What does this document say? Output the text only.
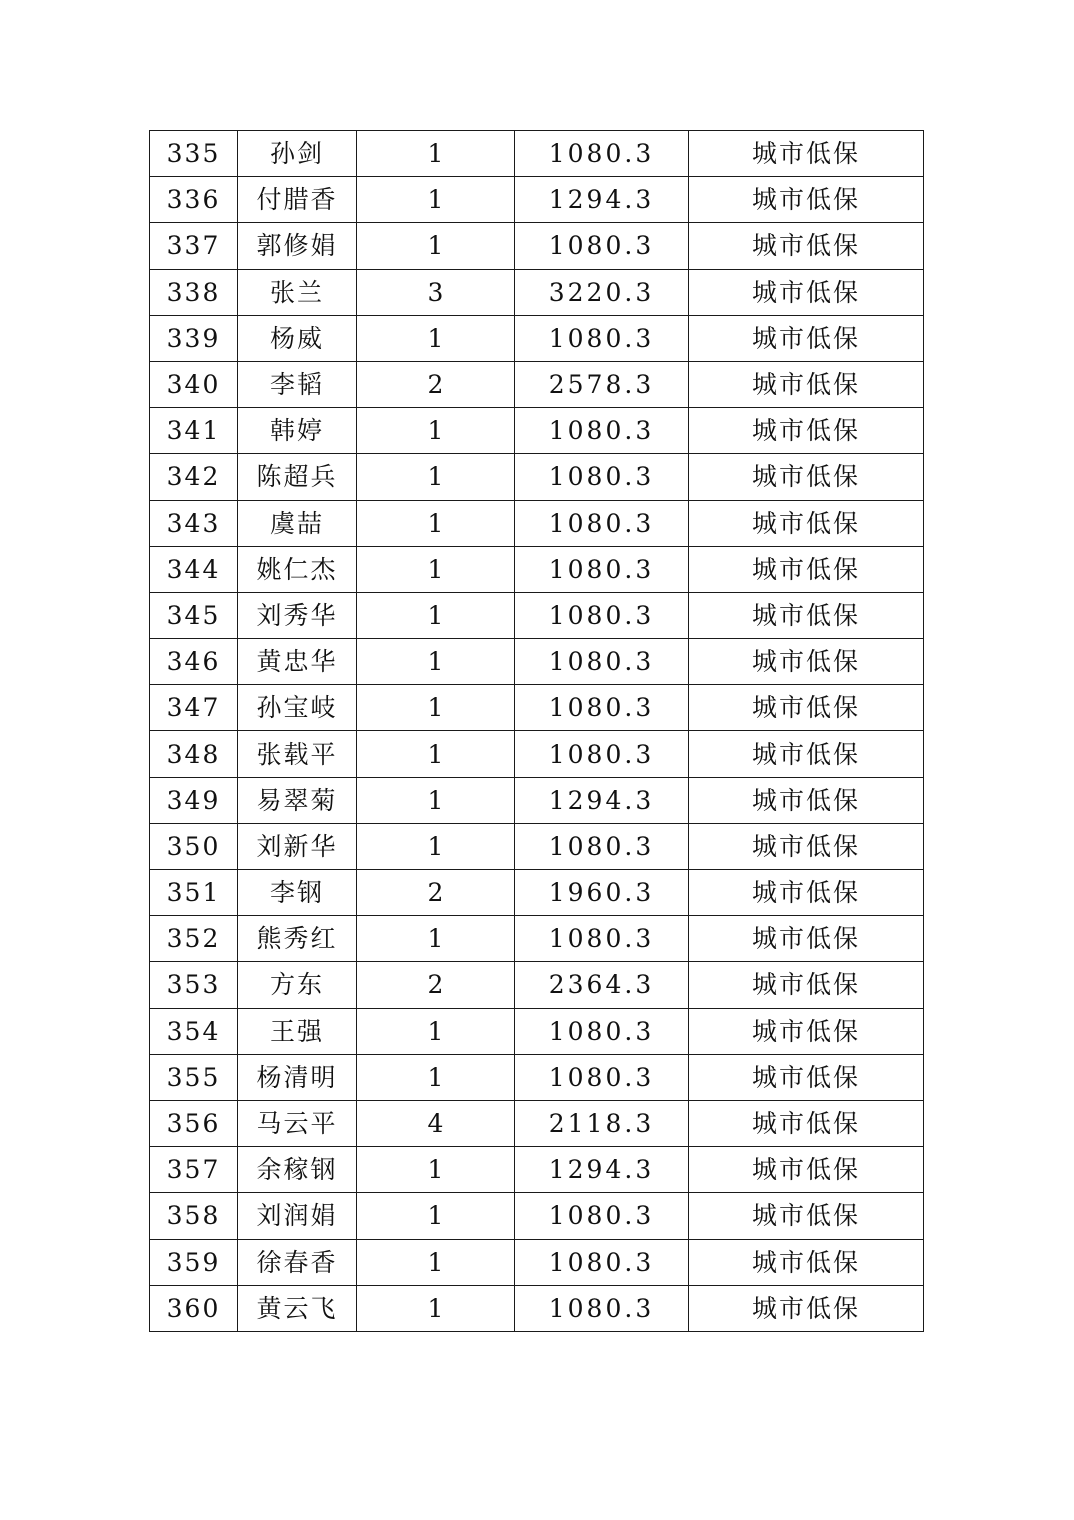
335	孙剑	1	1080.3	城市低保
336	付腊香	1	1294.3	城市低保
337	郭修娟	1	1080.3	城市低保
338	张兰	3	3220.3	城市低保
339	杨威	1	1080.3	城市低保
340	李韬	2	2578.3	城市低保
341	韩婷	1	1080.3	城市低保
342	陈超兵	1	1080.3	城市低保
343	虞喆	1	1080.3	城市低保
344	姚仁杰	1	1080.3	城市低保
345	刘秀华	1	1080.3	城市低保
346	黄忠华	1	1080.3	城市低保
347	孙宝岐	1	1080.3	城市低保
348	张载平	1	1080.3	城市低保
349	易翠菊	1	1294.3	城市低保
350	刘新华	1	1080.3	城市低保
351	李钢	2	1960.3	城市低保
352	熊秀红	1	1080.3	城市低保
353	方东	2	2364.3	城市低保
354	王强	1	1080.3	城市低保
355	杨清明	1	1080.3	城市低保
356	马云平	4	2118.3	城市低保
357	余稼钢	1	1294.3	城市低保
358	刘润娟	1	1080.3	城市低保
359	徐春香	1	1080.3	城市低保
360	黄云飞	1	1080.3	城市低保
